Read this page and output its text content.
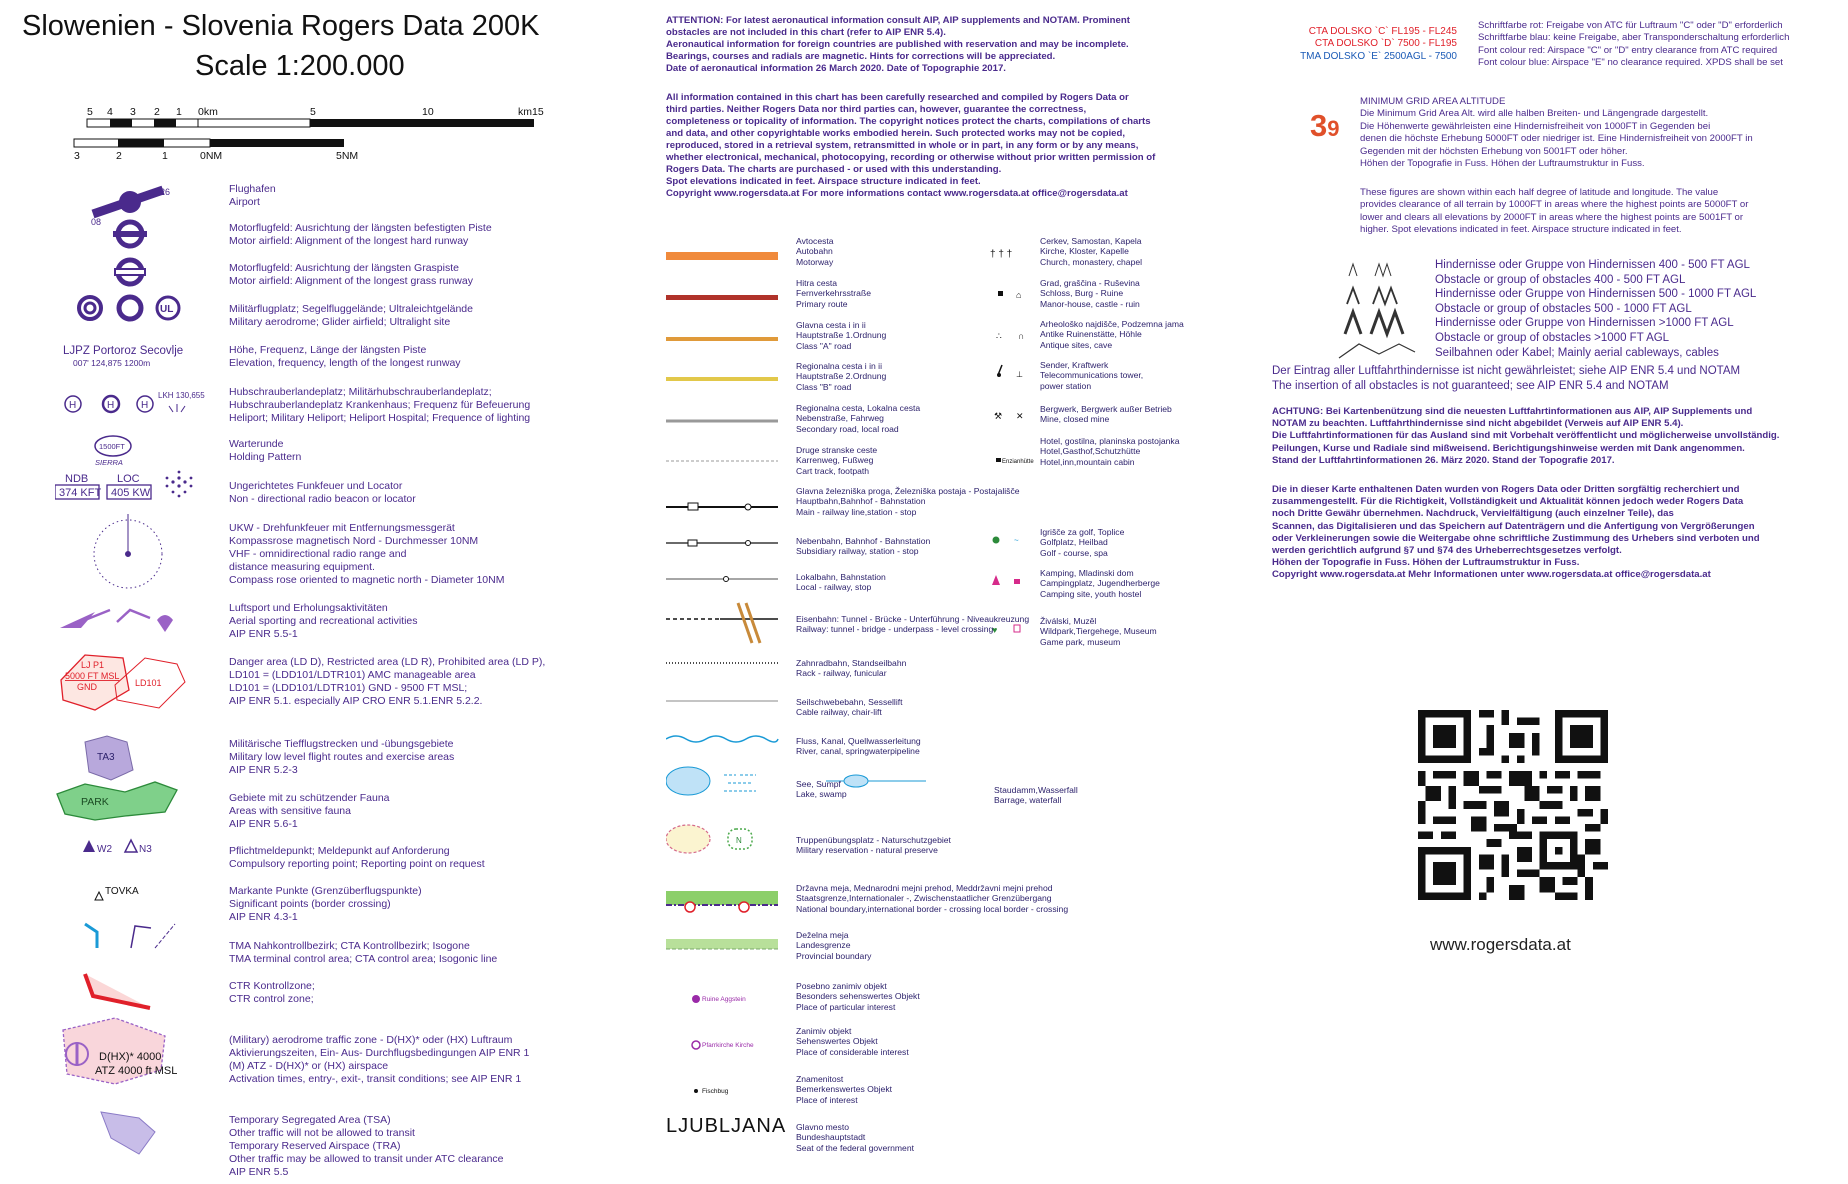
Slowenien - Slovenia Rogers Data 200K
Scale 1:200.000
5 4 3 2 1 0km	5	10	km15
3	2	1	0NM	5NM
26
08
UL
LJPZ Portoroz Secovlje
007' 124,875 1200m
H	H	H
LKH 130,655
1500FT
SIERRA
NDB
374 KFT
LOC
405 KW
LJ P1
5000 FT MSL
GND	LD101
TA3
PARK
W2	N3
TOVKA
D(HX)* 4000
ATZ 4000 ft MSL
Flughafen
Airport
Motorflugfeld: Ausrichtung der längsten befestigten Piste
Motor airfield: Alignment of the longest hard runway
Motorflugfeld: Ausrichtung der längsten Graspiste
Motor airfield: Alignment of the longest grass runway
Militärflugplatz; Segelfluggelände; Ultraleichtgelände
Military aerodrome; Glider airfield; Ultralight site
Höhe, Frequenz, Länge der längsten Piste
Elevation, frequency, length of the longest runway
Hubschrauberlandeplatz; Militärhubschrauberlandeplatz;
Hubschrauberlandeplatz Krankenhaus; Frequenz für Befeuerung
Heliport; Military Heliport; Heliport Hospital; Frequence of lighting
Warterunde
Holding Pattern
Ungerichtetes Funkfeuer und Locator
Non - directional radio beacon or locator
UKW - Drehfunkfeuer mit Entfernungsmessgerät
Kompassrose magnetisch Nord - Durchmesser 10NM
VHF - omnidirectional radio range and
distance measuring equipment.
Compass rose oriented to magnetic north - Diameter 10NM
Luftsport und Erholungsaktivitäten
Aerial sporting and recreational activities
AIP ENR 5.5-1
Danger area (LD D), Restricted area (LD R), Prohibited area (LD P),
LD101 = (LDD101/LDTR101) AMC manageable area
LD101 = (LDD101/LDTR101) GND - 9500 FT MSL;
AIP ENR 5.1. especially AIP CRO ENR 5.1.ENR 5.2.2.
Militärische Tiefflugstrecken und -übungsgebiete
Military low level flight routes and exercise areas
AIP ENR 5.2-3
Gebiete mit zu schützender Fauna
Areas with sensitive fauna
AIP ENR 5.6-1
Pflichtmeldepunkt; Meldepunkt auf Anforderung
Compulsory reporting point; Reporting point on request
Markante Punkte (Grenzüberflugspunkte)
Significant points (border crossing)
AIP ENR 4.3-1
TMA Nahkontrollbezirk; CTA Kontrollbezirk; Isogone
TMA terminal control area; CTA control area; Isogonic line
CTR Kontrollzone;
CTR control zone;
(Military) aerodrome traffic zone - D(HX)* oder (HX) Luftraum
Aktivierungszeiten, Ein- Aus- Durchflugsbedingungen AIP ENR 1
(M) ATZ - D(HX)* or (HX) airspace
Activation times, entry-, exit-, transit conditions; see AIP ENR 1
Temporary Segregated Area (TSA)
Other traffic will not be allowed to transit
Temporary Reserved Airspace (TRA)
Other traffic may be allowed to transit under ATC clearance
AIP ENR 5.5
ATTENTION: For latest aeronautical information consult AIP, AIP supplements and NOTAM. Prominent
obstacles are not included in this chart (refer to AIP ENR 5.4).
Aeronautical information for foreign countries are published with reservation and may be incomplete.
Bearings, courses and radials are magnetic. Hints for corrections will be appreciated.
Date of aeronautical information 26 March 2020. Date of Topographie 2017.
All information contained in this chart has been carefully researched and compiled by Rogers Data or
third parties. Neither Rogers Data nor third parties can, however, guarantee the correctness,
completeness or topicality of information. The copyright notices protect the charts, compilations of charts
and data, and other copyrightable works embodied herein. Such protected works may not be copied,
reproduced, stored in a retrieval system, retransmitted in whole or in part, in any form or by any means,
whether electronical, mechanical, photocopying, recording or otherwise without prior written permission of
Rogers Data. The charts are purchased - or used with this understanding.
Spot elevations indicated in feet. Airspace structure indicated in feet.
Copyright www.rogersdata.at For more informations contact www.rogersdata.at office@rogersdata.at
N
Ruine Aggstein
Pfarrkirche Kirche
Fischbug
† † †
⌂
∴ ∩
⊥
⚒ ✕
Enzianhütte
~
♥
Avtocesta
Autobahn
Motorway
Hitra cesta
Fernverkehrsstraße
Primary route
Glavna cesta i in ii
Hauptstraße 1.Ordnung
Class "A" road
Regionalna cesta i in ii
Hauptstraße 2.Ordnung
Class "B" road
Regionalna cesta, Lokalna cesta
Nebenstraße, Fahrweg
Secondary road, local road
Druge stranske ceste
Karrenweg, Fußweg
Cart track, footpath
Glavna železniška proga, Železniška postaja - Postajališče
Hauptbahn,Bahnhof - Bahnstation
Main - railway line,station - stop
Nebenbahn, Bahnhof - Bahnstation
Subsidiary railway, station - stop
Lokalbahn, Bahnstation
Local - railway, stop
Eisenbahn: Tunnel - Brücke - Unterführung - Niveaukreuzung
Railway: tunnel - bridge - underpass - level crossing
Zahnradbahn, Standseilbahn
Rack - railway, funicular
Seilschwebebahn, Sessellift
Cable railway, chair-lift
Fluss, Kanal, Quellwasserleitung
River, canal, springwaterpipeline
See, Sumpf
Lake, swamp
Truppenübungsplatz - Naturschutzgebiet
Military reservation - natural preserve
Državna meja, Mednarodni mejni prehod, Meddržavni mejni prehod
Staatsgrenze,Internationaler -, Zwischenstaatlicher Grenzübergang
National boundary,international border - crossing local border - crossing
Deželna meja
Landesgrenze
Provincial boundary
Posebno zanimiv objekt
Besonders sehenswertes Objekt
Place of particular interest
Zanimiv objekt
Sehenswertes Objekt
Place of considerable interest
Znamenitost
Bemerkenswertes Objekt
Place of interest
Glavno mesto
Bundeshauptstadt
Seat of the federal government
Cerkev, Samostan, Kapela
Kirche, Kloster, Kapelle
Church, monastery, chapel
Grad, graščina - Ruševina
Schloss, Burg - Ruine
Manor-house, castle - ruin
Arheološko najdišče, Podzemna jama
Antike Ruinenstätte, Höhle
Antique sites, cave
Sender, Kraftwerk
Telecommunications tower,
power station
Bergwerk, Bergwerk außer Betrieb
Mine, closed mine
Hotel, gostilna, planinska postojanka
Hotel,Gasthof,Schutzhütte
Hotel,inn,mountain cabin
Igrišče za golf, Toplice
Golfplatz, Heilbad
Golf - course, spa
Kamping, Mladinski dom
Campingplatz, Jugendherberge
Camping site, youth hostel
Živálski, Muzěl
Wildpark,Tiergehege, Museum
Game park, museum
Staudamm,Wasserfall
Barrage, waterfall
LJUBLJANA
CTA DOLSKO `C` FL195 - FL245
CTA DOLSKO `D` 7500 - FL195
TMA DOLSKO `E` 2500AGL - 7500
Schriftfarbe rot: Freigabe von ATC für Luftraum "C" oder "D" erforderlich
Schriftfarbe blau: keine Freigabe, aber Transponderschaltung erforderlich
Font colour red: Airspace "C" or "D" entry clearance from ATC required
Font colour blue: Airspace "E" no clearance required. XPDS shall be set
39
MINIMUM GRID AREA ALTITUDE
Die Minimum Grid Area Alt. wird alle halben Breiten- und Längengrade dargestellt.
Die Höhenwerte gewährleisten eine Hindernisfreiheit von 1000FT in Gegenden bei
denen die höchste Erhebung 5000FT oder niedriger ist. Eine Hindernisfreiheit von 2000FT in
Gegenden mit der höchsten Erhebung von 5001FT oder höher.
Höhen der Topografie in Fuss. Höhen der Luftraumstruktur in Fuss.
These figures are shown within each half degree of latitude and longitude. The value
provides clearance of all terrain by 1000FT in areas where the highest points are 5000FT or
lower and clears all elevations by 2000FT in areas where the highest points are 5001FT or
higher. Spot elevations indicated in feet. Airspace structure indicated in feet.
Hindernisse oder Gruppe von Hindernissen 400 - 500 FT AGL
Obstacle or group of obstacles 400 - 500 FT AGL
Hindernisse oder Gruppe von Hindernissen 500 - 1000 FT AGL
Obstacle or group of obstacles 500 - 1000 FT AGL
Hindernisse oder Gruppe von Hindernissen >1000 FT AGL
Obstacle or group of obstacles >1000 FT AGL
Seilbahnen oder Kabel; Mainly aerial cableways, cables
Der Eintrag aller Luftfahrthindernisse ist nicht gewährleistet; siehe AIP ENR 5.4 und NOTAM
The insertion of all obstacles is not guaranteed; see AIP ENR 5.4 and NOTAM
ACHTUNG: Bei Kartenbenützung sind die neuesten Luftfahrtinformationen aus AIP, AIP Supplements und
NOTAM zu beachten. Luftfahrthindernisse sind nicht abgebildet (Verweis auf AIP ENR 5.4).
Die Luftfahrtinformationen für das Ausland sind mit Vorbehalt veröffentlicht und möglicherweise unvollständig.
Peilungen, Kurse und Radiale sind mißweisend. Berichtigungshinweise werden mit Dank angenommen.
Stand der Luftfahrtinformationen 26. März 2020. Stand der Topografie 2017.
Die in dieser Karte enthaltenen Daten wurden von Rogers Data oder Dritten sorgfältig recherchiert und
zusammengestellt. Für die Richtigkeit, Vollständigkeit und Aktualität können jedoch weder Rogers Data
noch Dritte Gewähr übernehmen. Nachdruck, Vervielfältigung (auch einzelner Teile), das
Scannen, das Digitalisieren und das Speichern auf Datenträgern und die Anfertigung von Vergrößerungen
oder Verkleinerungen sowie die Weitergabe ohne schriftliche Zustimmung des Urhebers sind verboten und
werden gerichtlich aufgrund §7 und §74 des Urheberrechtsgesetzes verfolgt.
Höhen der Topografie in Fuss. Höhen der Luftraumstruktur in Fuss.
Copyright www.rogersdata.at Mehr Informationen unter www.rogersdata.at office@rogersdata.at
www.rogersdata.at
